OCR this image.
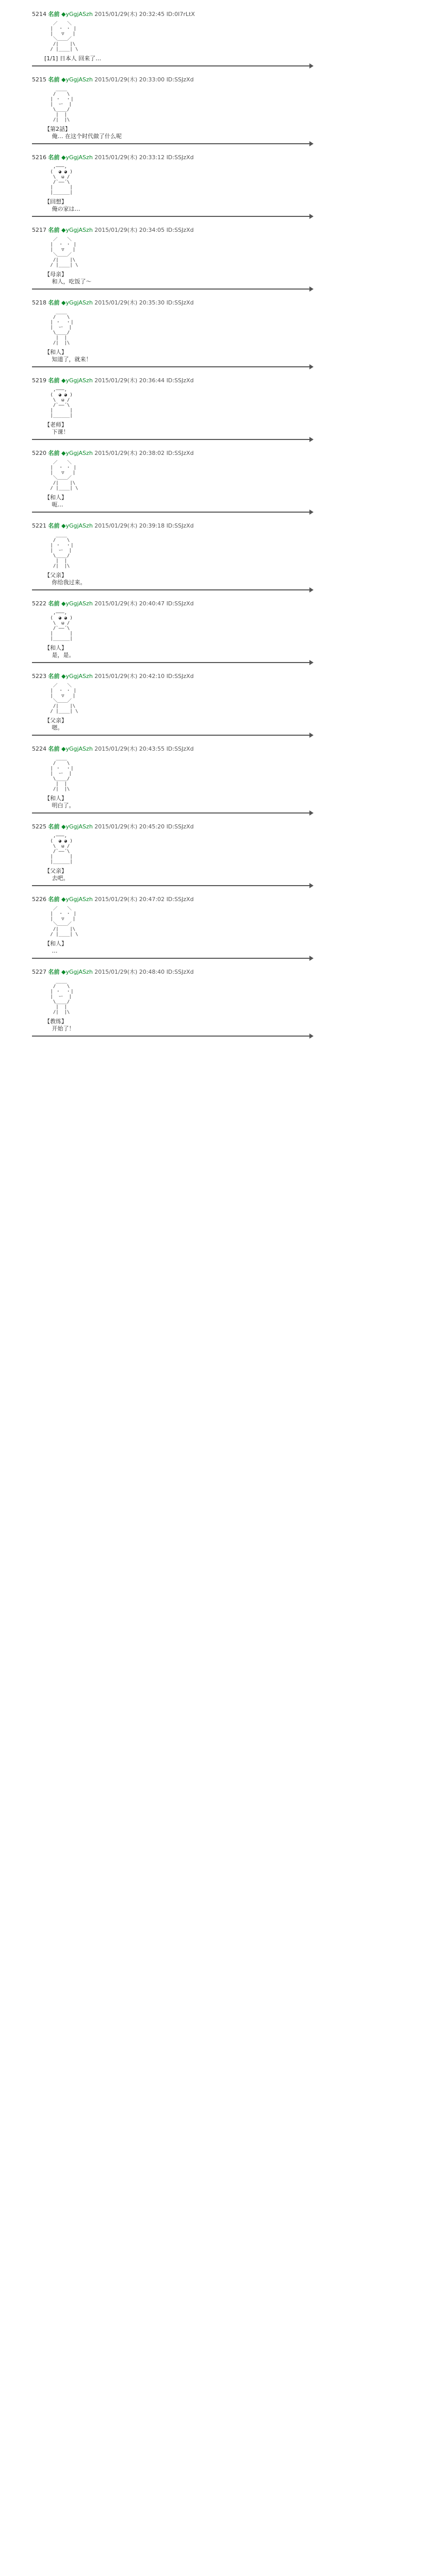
5214 名前 ◆yGgjASzh 2015/01/29(木) 20:32:45 ID:0I7rLtX
／￣￣＼
|  ・ ・ |
|   ▽   |
＼＿＿／
/|    |\
/ |____| \
[1/1] 日本人 回来了…
5215 名前 ◆yGgjASzh 2015/01/29(木) 20:33:00 ID:SSJzXd
____
/    \
| ・  ・|
|  ー  |
\____/
|  |
/|  |\
【第2話】
　 俺… 在这个时代做了什么呢
5216 名前 ◆yGgjASzh 2015/01/29(木) 20:33:12 ID:SSJzXd
,―――,
(  ◕ ◕ )
\  ω /
/`――´\
|      |
|______|
【回想】
　 俺の家は…
5217 名前 ◆yGgjASzh 2015/01/29(木) 20:34:05 ID:SSJzXd
／￣￣＼
|  ・ ・ |
|   ▽   |
＼＿＿／
/|    |\
/ |____| \
【母亲】
　 和人，吃饭了～
5218 名前 ◆yGgjASzh 2015/01/29(木) 20:35:30 ID:SSJzXd
____
/    \
| ・  ・|
|  ー  |
\____/
|  |
/|  |\
【和人】
　 知道了，就来！
5219 名前 ◆yGgjASzh 2015/01/29(木) 20:36:44 ID:SSJzXd
,―――,
(  ◕ ◕ )
\  ω /
/`――´\
|      |
|______|
【老师】
　 下课！
5220 名前 ◆yGgjASzh 2015/01/29(木) 20:38:02 ID:SSJzXd
／￣￣＼
|  ・ ・ |
|   ▽   |
＼＿＿／
/|    |\
/ |____| \
【和人】
　 呃…
5221 名前 ◆yGgjASzh 2015/01/29(木) 20:39:18 ID:SSJzXd
____
/    \
| ・  ・|
|  ー  |
\____/
|  |
/|  |\
【父亲】
　 你给我过来。
5222 名前 ◆yGgjASzh 2015/01/29(木) 20:40:47 ID:SSJzXd
,―――,
(  ◕ ◕ )
\  ω /
/`――´\
|      |
|______|
【和人】
　 是，是。
5223 名前 ◆yGgjASzh 2015/01/29(木) 20:42:10 ID:SSJzXd
／￣￣＼
|  ・ ・ |
|   ▽   |
＼＿＿／
/|    |\
/ |____| \
【父亲】
　 嗯。
5224 名前 ◆yGgjASzh 2015/01/29(木) 20:43:55 ID:SSJzXd
____
/    \
| ・  ・|
|  ー  |
\____/
|  |
/|  |\
【和人】
　 明白了。
5225 名前 ◆yGgjASzh 2015/01/29(木) 20:45:20 ID:SSJzXd
,―――,
(  ◕ ◕ )
\  ω /
/`――´\
|      |
|______|
【父亲】
　 去吧。
5226 名前 ◆yGgjASzh 2015/01/29(木) 20:47:02 ID:SSJzXd
／￣￣＼
|  ・ ・ |
|   ▽   |
＼＿＿／
/|    |\
/ |____| \
【和人】
　 …
5227 名前 ◆yGgjASzh 2015/01/29(木) 20:48:40 ID:SSJzXd
____
/    \
| ・  ・|
|  ー  |
\____/
|  |
/|  |\
【教练】
　 开始了！
